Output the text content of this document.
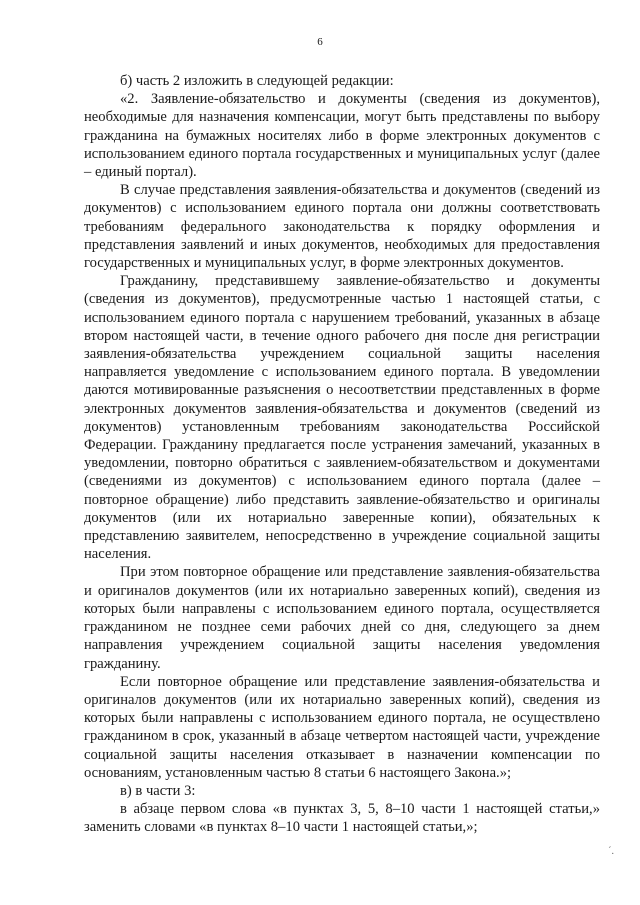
6

б) часть 2 изложить в следующей редакции:

«2. Заявление-обязательство и документы (сведения из документов), необходимые для назначения компенсации, могут быть представлены по выбору гражданина на бумажных носителях либо в форме электронных документов с использованием единого портала государственных и муниципальных услуг (далее – единый портал).

В случае представления заявления-обязательства и документов (сведений из документов) с использованием единого портала они должны соответствовать требованиям федерального законодательства к порядку оформления и представления заявлений и иных документов, необходимых для предоставления государственных и муниципальных услуг, в форме электронных документов.

Гражданину, представившему заявление-обязательство и документы (сведения из документов), предусмотренные частью 1 настоящей статьи, с использованием единого портала с нарушением требований, указанных в абзаце втором настоящей части, в течение одного рабочего дня после дня регистрации заявления-обязательства учреждением социальной защиты населения направляется уведомление с использованием единого портала. В уведомлении даются мотивированные разъяснения о несоответствии представленных в форме электронных документов заявления-обязательства и документов (сведений из документов) установленным требованиям законодательства Российской Федерации. Гражданину предлагается после устранения замечаний, указанных в уведомлении, повторно обратиться с заявлением-обязательством и документами (сведениями из документов) с использованием единого портала (далее – повторное обращение) либо представить заявление-обязательство и оригиналы документов (или их нотариально заверенные копии), обязательных к представлению заявителем, непосредственно в учреждение социальной защиты населения.

При этом повторное обращение или представление заявления-обязательства и оригиналов документов (или их нотариально заверенных копий), сведения из которых были направлены с использованием единого портала, осуществляется гражданином не позднее семи рабочих дней со дня, следующего за днем направления учреждением социальной защиты населения уведомления гражданину.

Если повторное обращение или представление заявления-обязательства и оригиналов документов (или их нотариально заверенных копий), сведения из которых были направлены с использованием единого портала, не осуществлено гражданином в срок, указанный в абзаце четвертом настоящей части, учреждение социальной защиты населения отказывает в назначении компенсации по основаниям, установленным частью 8 статьи 6 настоящего Закона.»;

в) в части 3:

в абзаце первом слова «в пунктах 3, 5, 8–10 части 1 настоящей статьи,» заменить словами «в пунктах 8–10 части 1 настоящей статьи,»;

´.
